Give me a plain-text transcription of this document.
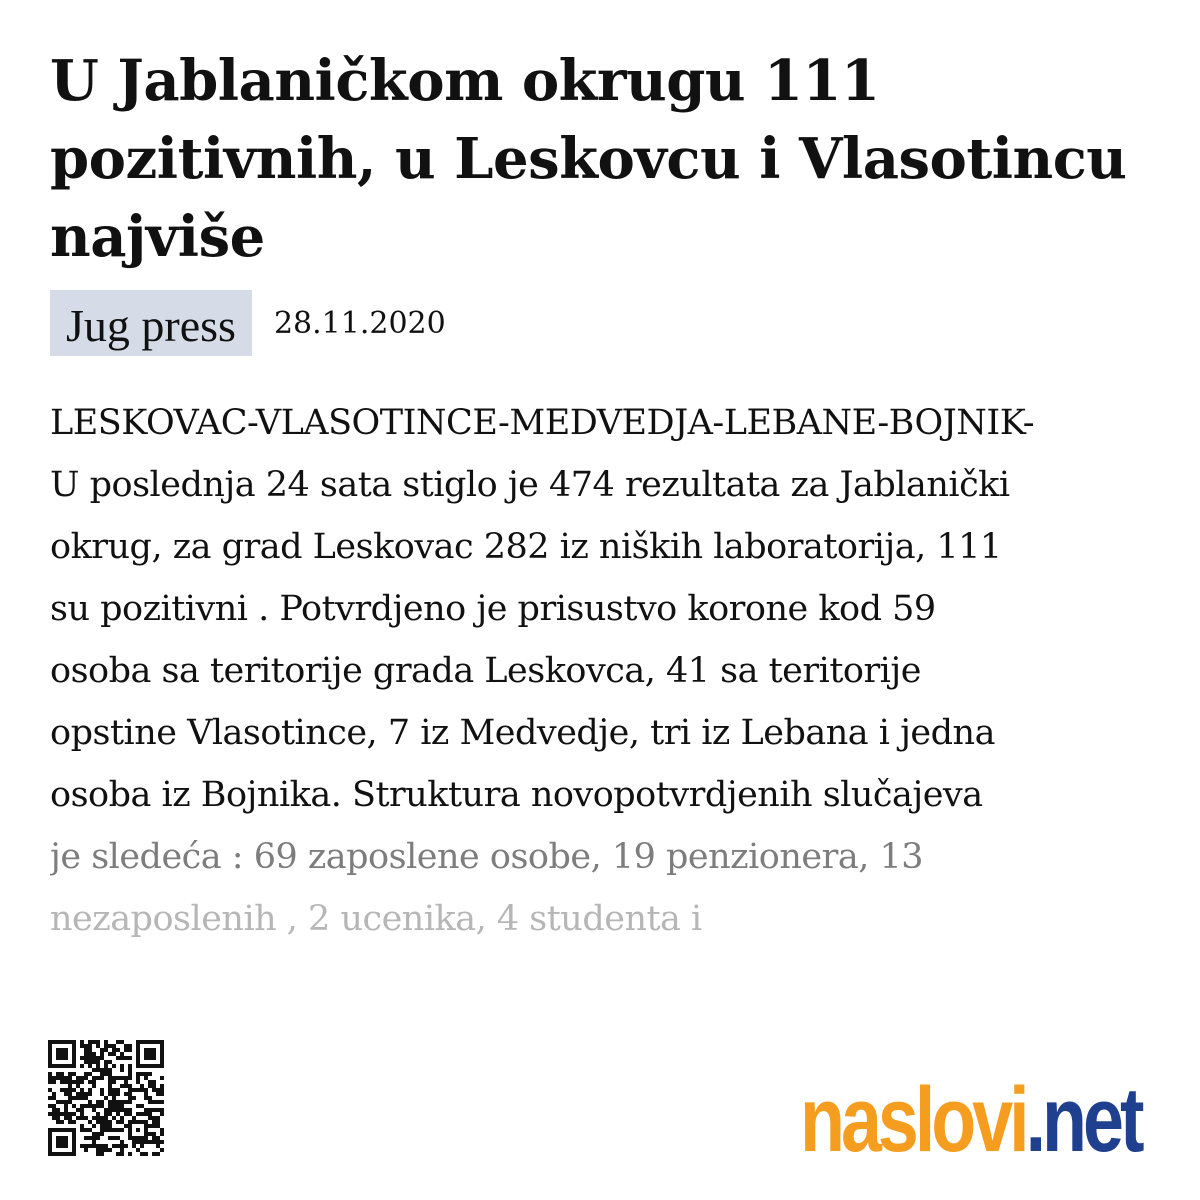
U Jablaničkom okrugu 111 pozitivnih, u Leskovcu i Vlasotincu najviše
Jug press	28.11.2020
LESKOVAC-VLASOTINCE-MEDVEDJA-LEBANE-BOJNIK-
U poslednja 24 sata stiglo je 474 rezultata za Jablanički
okrug, za grad Leskovac 282 iz niških laboratorija, 111
su pozitivni . Potvrdjeno je prisustvo korone kod 59
osoba sa teritorije grada Leskovca, 41 sa teritorije
opstine Vlasotince, 7 iz Medvedje, tri iz Lebana i jedna
osoba iz Bojnika. Struktura novopotvrdjenih slučajeva
je sledeća : 69 zaposlene osobe, 19 penzionera, 13
nezaposlenih , 2 ucenika, 4 studenta i
naslovi.net
